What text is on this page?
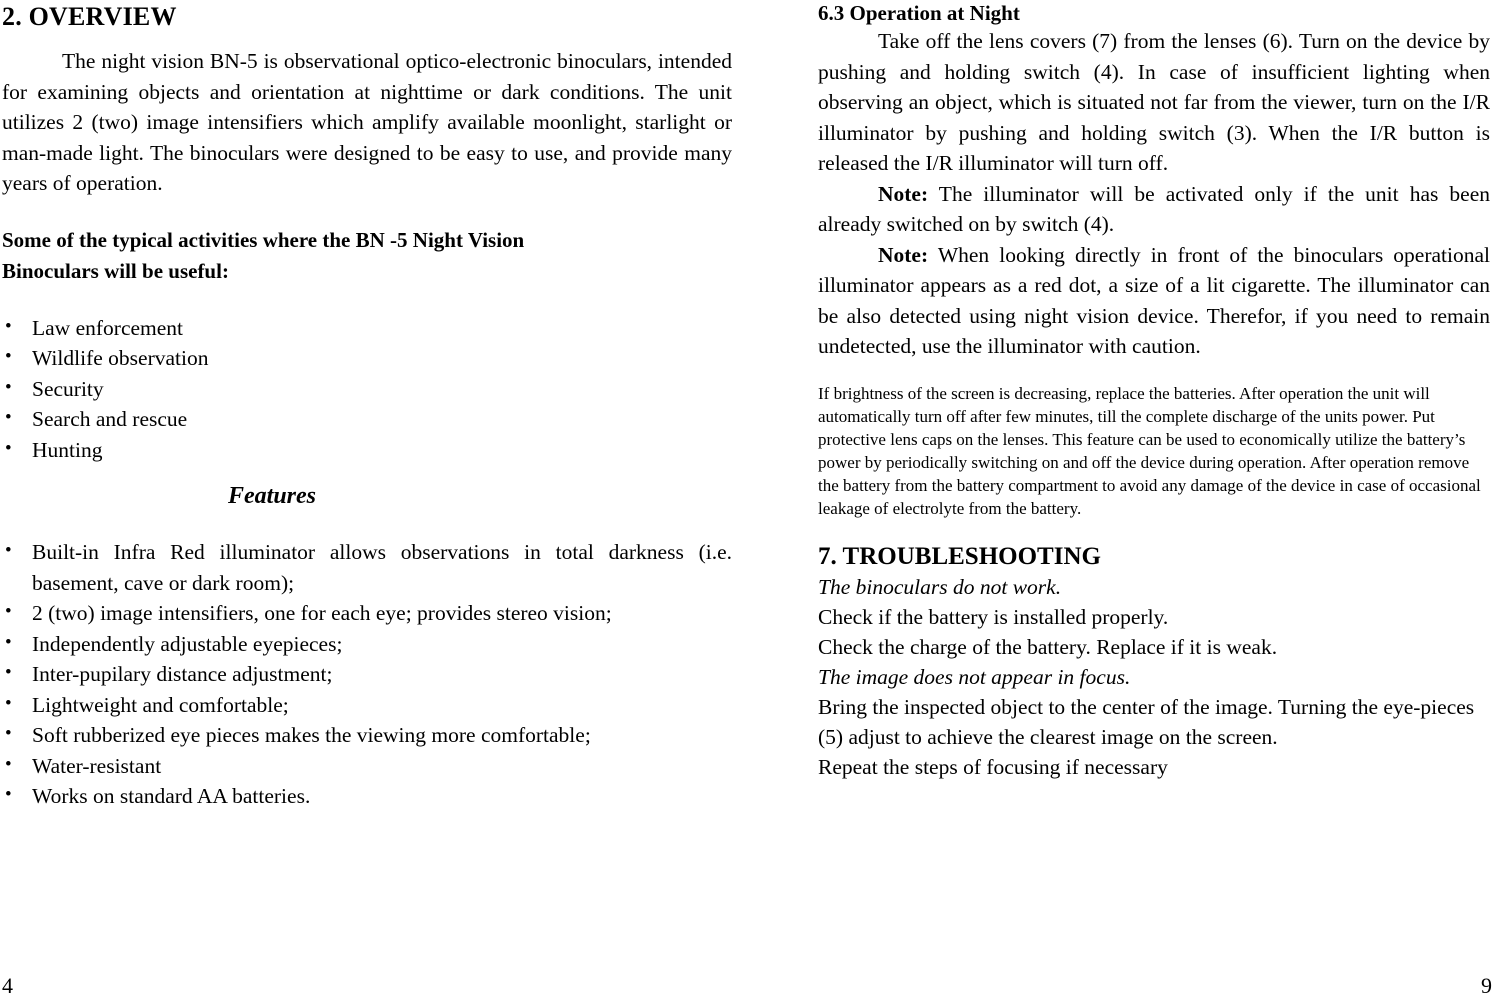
2. OVERVIEW

The night vision BN-5 is observational optico-electronic binoculars, intended for examining objects and orientation at nighttime or dark conditions. The unit utilizes 2 (two) image intensifiers which amplify available moonlight, starlight or man-made light. The binoculars were designed to be easy to use, and provide many years of operation.

Some of the typical activities where the BN -5 Night Vision

Binoculars will be useful:

• Law enforcement
• Wildlife observation
• Security
• Search and rescue
• Hunting

Features

• Built-in Infra Red illuminator allows observations in total darkness (i.e. basement, cave or dark room);
• 2 (two) image intensifiers, one for each eye; provides stereo vision;
• Independently adjustable eyepieces;
• Inter-pupilary distance adjustment;
• Lightweight and comfortable;
• Soft rubberized eye pieces makes the viewing more comfortable;
• Water-resistant
• Works on standard AA batteries.
4
6.3 Operation at Night

Take off the lens covers (7) from the lenses (6). Turn on the device by pushing and holding switch (4). In case of insufficient lighting when observing an object, which is situated not far from the viewer, turn on the I/R illuminator by pushing and holding switch (3). When the I/R button is released the I/R illuminator will turn off.

Note: The illuminator will be activated only if the unit has been already switched on by switch (4).

Note: When looking directly in front of the binoculars operational illuminator appears as a red dot, a size of a lit cigarette. The illuminator can be also detected using night vision device. Therefor, if you need to remain undetected, use the illuminator with caution.

If brightness of the screen is decreasing, replace the batteries. After operation the unit will automatically turn off after few minutes, till the complete discharge of the units power. Put protective lens caps on the lenses. This feature can be used to economically utilize the battery’s power by periodically switching on and off the device during operation. After operation remove the battery from the battery compartment to avoid any damage of the device in case of occasional leakage of electrolyte from the battery.

7. TROUBLESHOOTING

The binoculars do not work.

Check if the battery is installed properly.

Check the charge of the battery. Replace if it is weak.

The image does not appear in focus.

Bring the inspected object to the center of the image. Turning the eye-pieces (5) adjust to achieve the clearest image on the screen.

Repeat the steps of focusing if necessary

9
